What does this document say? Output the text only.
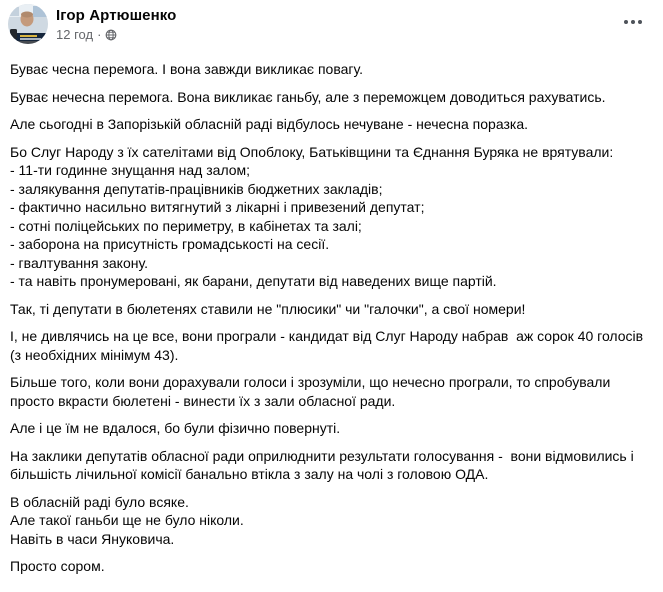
Ігор Артюшенко
12 год ·
Буває чесна перемога. І вона завжди викликає повагу.
Буває нечесна перемога. Вона викликає ганьбу, але з переможцем доводиться рахуватись.
Але сьогодні в Запорізькій обласній раді відбулось нечуване - нечесна поразка.
Бо Слуг Народу з їх сателітами від Опоблоку, Батьківщини та Єднання Буряка не врятували:
- 11-ти годинне знущання над залом;
- залякування депутатів-працівників бюджетних закладів;
- фактично насильно витягнутий з лікарні і привезений депутат;
- сотні поліцейських по периметру, в кабінетах та залі;
- заборона на присутність громадськості на сесії.
- гвалтування закону.
- та навіть пронумеровані, як барани, депутати від наведених вище партій.
Так, ті депутати в бюлетенях ставили не "плюсики" чи "галочки", а свої номери!
І, не дивлячись на це все, вони програли - кандидат від Слуг Народу набрав  аж сорок 40 голосів (з необхідних мінімум 43).
Більше того, коли вони дорахували голоси і зрозуміли, що нечесно програли, то спробували просто вкрасти бюлетені - винести їх з зали обласної ради.
Але і це їм не вдалося, бо були фізично повернуті.
На заклики депутатів обласної ради оприлюднити результати голосування -  вони відмовились і більшість лічильної комісії банально втікла з залу на чолі з головою ОДА.
В обласній раді було всяке.
Але такої ганьби ще не було ніколи.
Навіть в часи Януковича.
Просто сором.
